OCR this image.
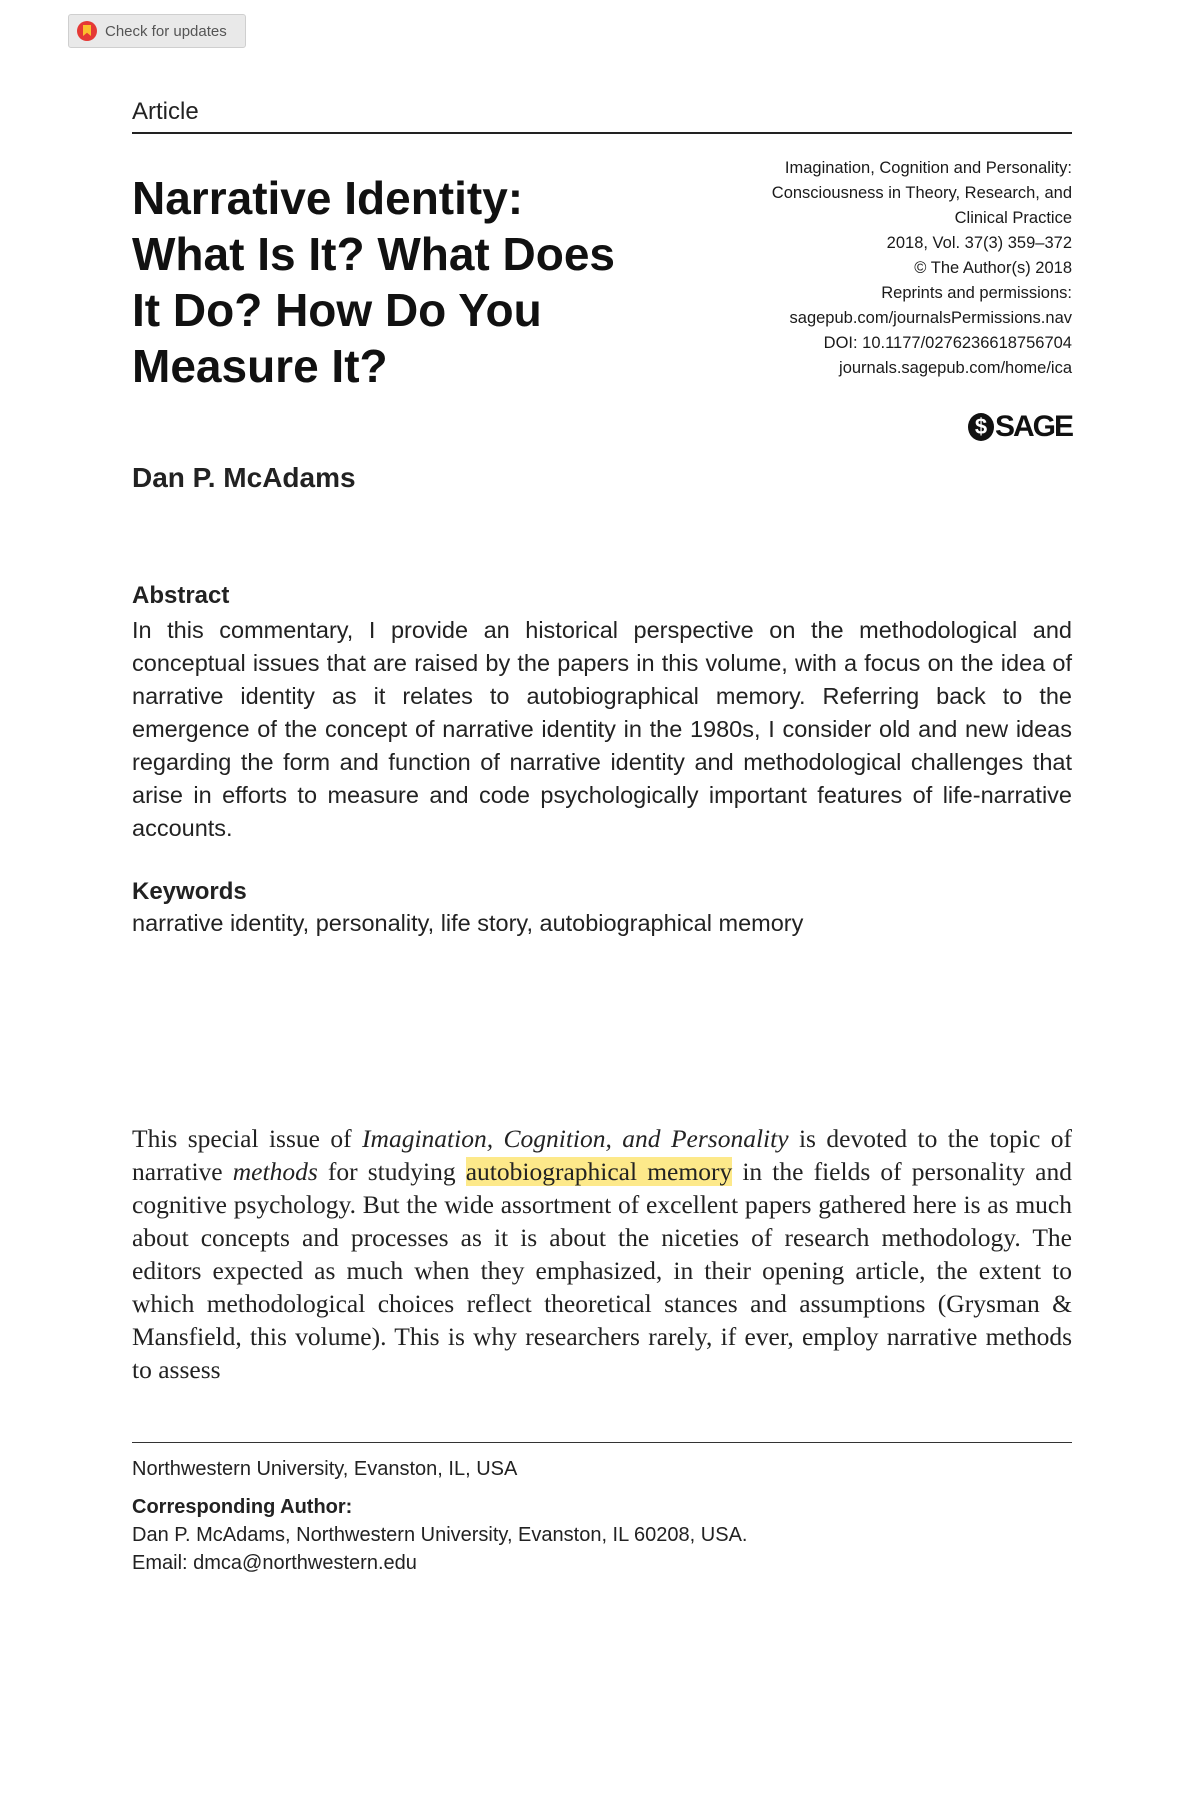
Check for updates
Article
Narrative Identity:
What Is It? What Does
It Do? How Do You
Measure It?
Imagination, Cognition and Personality: Consciousness in Theory, Research, and Clinical Practice
2018, Vol. 37(3) 359–372
© The Author(s) 2018
Reprints and permissions:
sagepub.com/journalsPermissions.nav
DOI: 10.1177/0276236618756704
journals.sagepub.com/home/ica
$ SAGE
Dan P. McAdams
Abstract

In this commentary, I provide an historical perspective on the methodological and conceptual issues that are raised by the papers in this volume, with a focus on the idea of narrative identity as it relates to autobiographical memory. Referring back to the emergence of the concept of narrative identity in the 1980s, I consider old and new ideas regarding the form and function of narrative identity and methodological challenges that arise in efforts to measure and code psychologically important features of life-narrative accounts.

Keywords
narrative identity, personality, life story, autobiographical memory

This special issue of Imagination, Cognition, and Personality is devoted to the topic of narrative methods for studying autobiographical memory in the fields of personality and cognitive psychology. But the wide assortment of excellent papers gathered here is as much about concepts and processes as it is about the niceties of research methodology. The editors expected as much when they emphasized, in their opening article, the extent to which methodological choices reflect theoretical stances and assumptions (Grysman & Mansfield, this volume). This is why researchers rarely, if ever, employ narrative methods to assess

Northwestern University, Evanston, IL, USA
Corresponding Author:
Dan P. McAdams, Northwestern University, Evanston, IL 60208, USA.
Email: dmca@northwestern.edu
